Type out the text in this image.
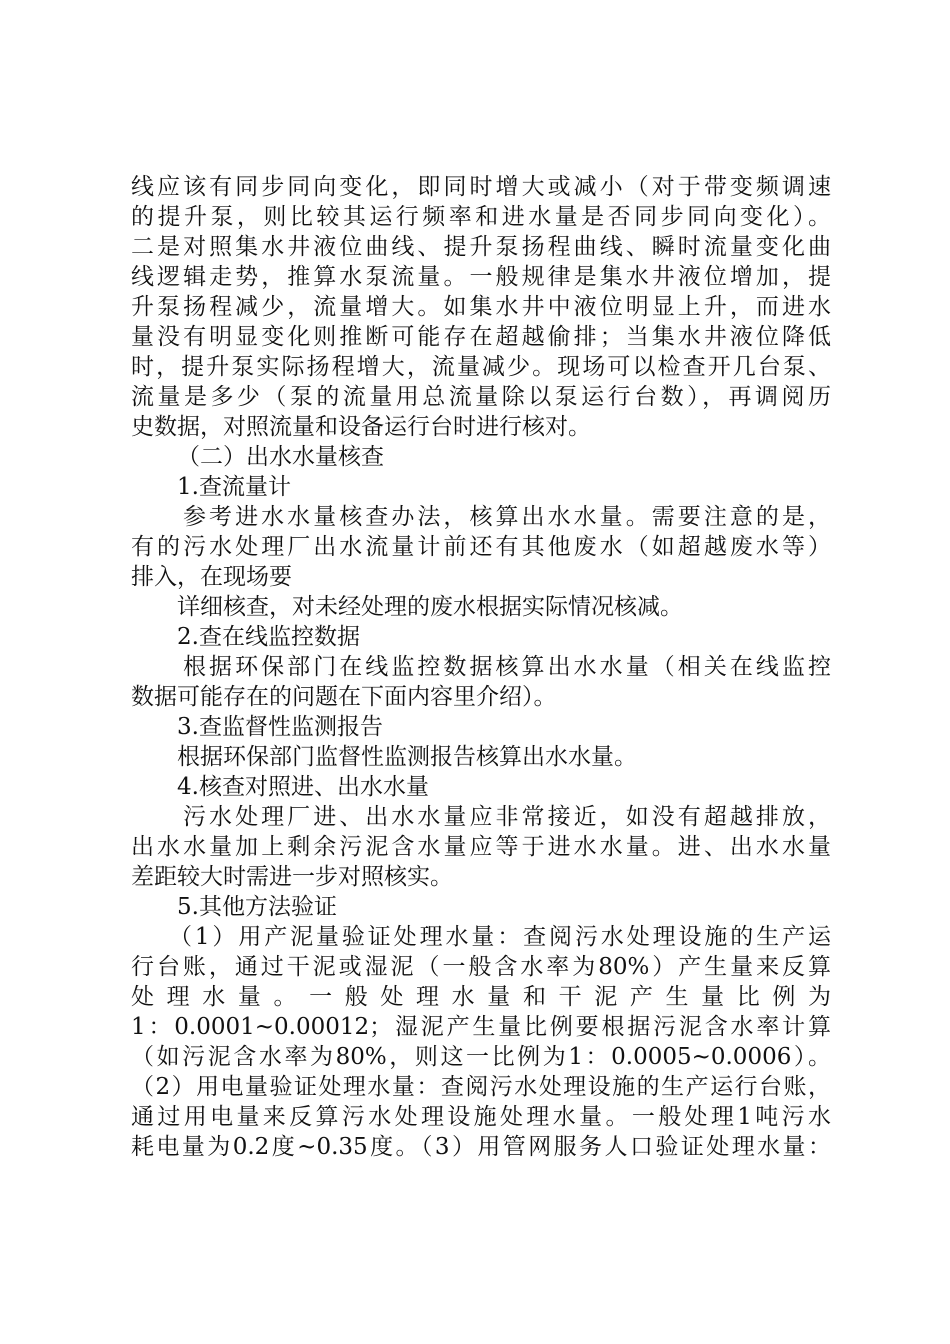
线应该有同步同向变化，即同时增大或减小（对于带变频调速
的提升泵，则比较其运行频率和进水量是否同步同向变化）。
二是对照集水井液位曲线、提升泵扬程曲线、瞬时流量变化曲
线逻辑走势，推算水泵流量。一般规律是集水井液位增加，提
升泵扬程减少，流量增大。如集水井中液位明显上升，而进水
量没有明显变化则推断可能存在超越偷排；当集水井液位降低
时，提升泵实际扬程增大，流量减少。现场可以检查开几台泵、
流量是多少（泵的流量用总流量除以泵运行台数），再调阅历
史数据，对照流量和设备运行台时进行核对。
（二）出水水量核查
1.查流量计
参考进水水量核查办法，核算出水水量。需要注意的是，
有的污水处理厂出水流量计前还有其他废水（如超越废水等）
排入，在现场要
详细核查，对未经处理的废水根据实际情况核减。
2.查在线监控数据
根据环保部门在线监控数据核算出水水量（相关在线监控
数据可能存在的问题在下面内容里介绍）。
3.查监督性监测报告
根据环保部门监督性监测报告核算出水水量。
4.核查对照进、出水水量
污水处理厂进、出水水量应非常接近，如没有超越排放，
出水水量加上剩余污泥含水量应等于进水水量。进、出水水量
差距较大时需进一步对照核实。
5.其他方法验证
（1）用产泥量验证处理水量：查阅污水处理设施的生产运
行台账，通过干泥或湿泥（一般含水率为80%）产生量来反算
处 理 水 量 。 一 般 处 理 水 量 和 干 泥 产 生 量 比 例 为
1：0.0001~0.00012；湿泥产生量比例要根据污泥含水率计算
（如污泥含水率为80%，则这一比例为1：0.0005~0.0006）。
（2）用电量验证处理水量：查阅污水处理设施的生产运行台账，
通过用电量来反算污水处理设施处理水量。一般处理1吨污水
耗电量为0.2度~0.35度。（3）用管网服务人口验证处理水量：
